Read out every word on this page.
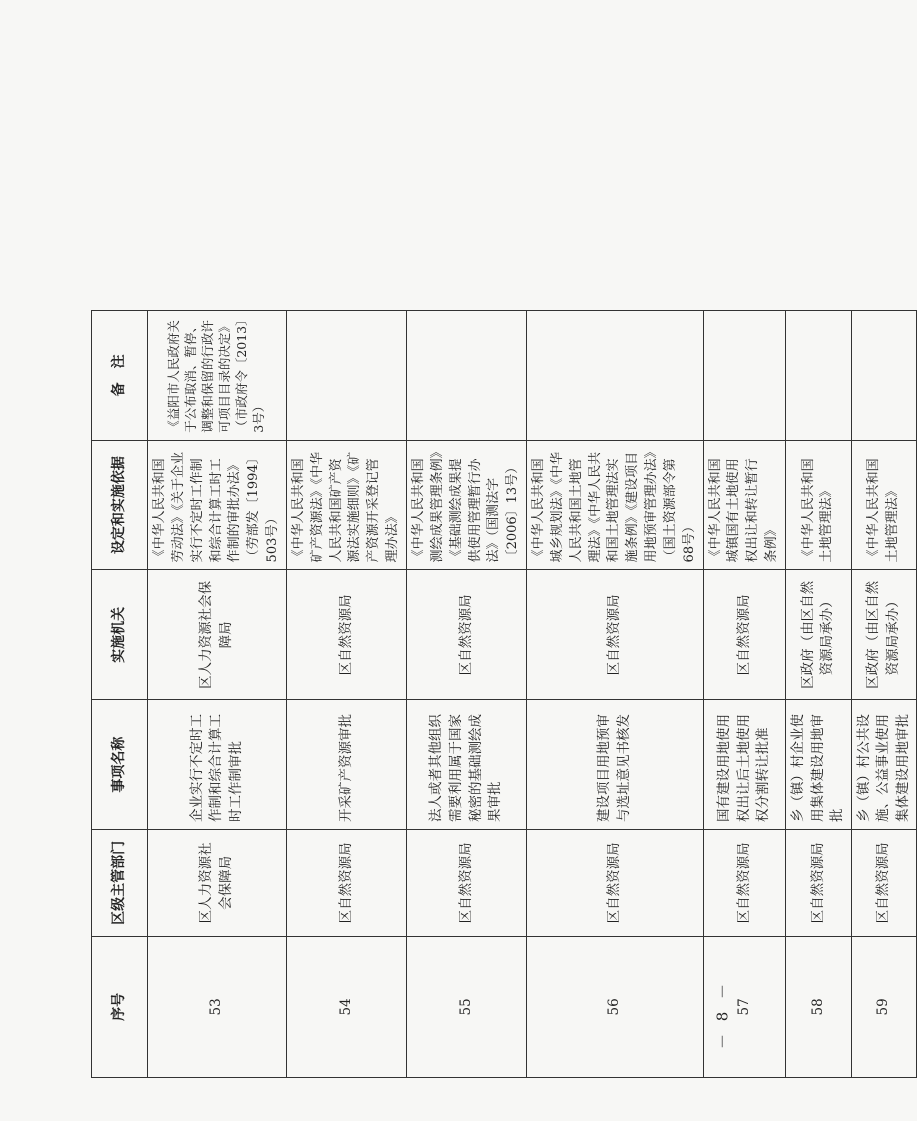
序号	区级主管部门	事项名称	实施机关	设定和实施依据	备　注
53	区人力资源社会保障局	企业实行不定时工作制和综合计算工时工作制审批	区人力资源社会保障局	《中华人民共和国劳动法》《关于企业实行不定时工作制和综合计算工时工作制的审批办法》（劳部发〔1994〕503号）	《益阳市人民政府关于公布取消、暂停、调整和保留的行政许可项目目录的决定》（市政府令〔2013〕3号）
54	区自然资源局	开采矿产资源审批	区自然资源局	《中华人民共和国矿产资源法》《中华人民共和国矿产资源法实施细则》《矿产资源开采登记管理办法》	
55	区自然资源局	法人或者其他组织需要利用属于国家秘密的基础测绘成果审批	区自然资源局	《中华人民共和国测绘成果管理条例》《基础测绘成果提供使用管理暂行办法》（国测法字〔2006〕13号）	
56	区自然资源局	建设项目用地预审与选址意见书核发	区自然资源局	《中华人民共和国城乡规划法》《中华人民共和国土地管理法》《中华人民共和国土地管理法实施条例》《建设项目用地预审管理办法》（国土资源部令第68号）	
57	区自然资源局	国有建设用地使用权出让后土地使用权分割转让批准	区自然资源局	《中华人民共和国城镇国有土地使用权出让和转让暂行条例》	
58	区自然资源局	乡（镇）村企业使用集体建设用地审批	区政府（由区自然资源局承办）	《中华人民共和国土地管理法》	
59	区自然资源局	乡（镇）村公共设施、公益事业使用集体建设用地审批	区政府（由区自然资源局承办）	《中华人民共和国土地管理法》	
－ 8 －
